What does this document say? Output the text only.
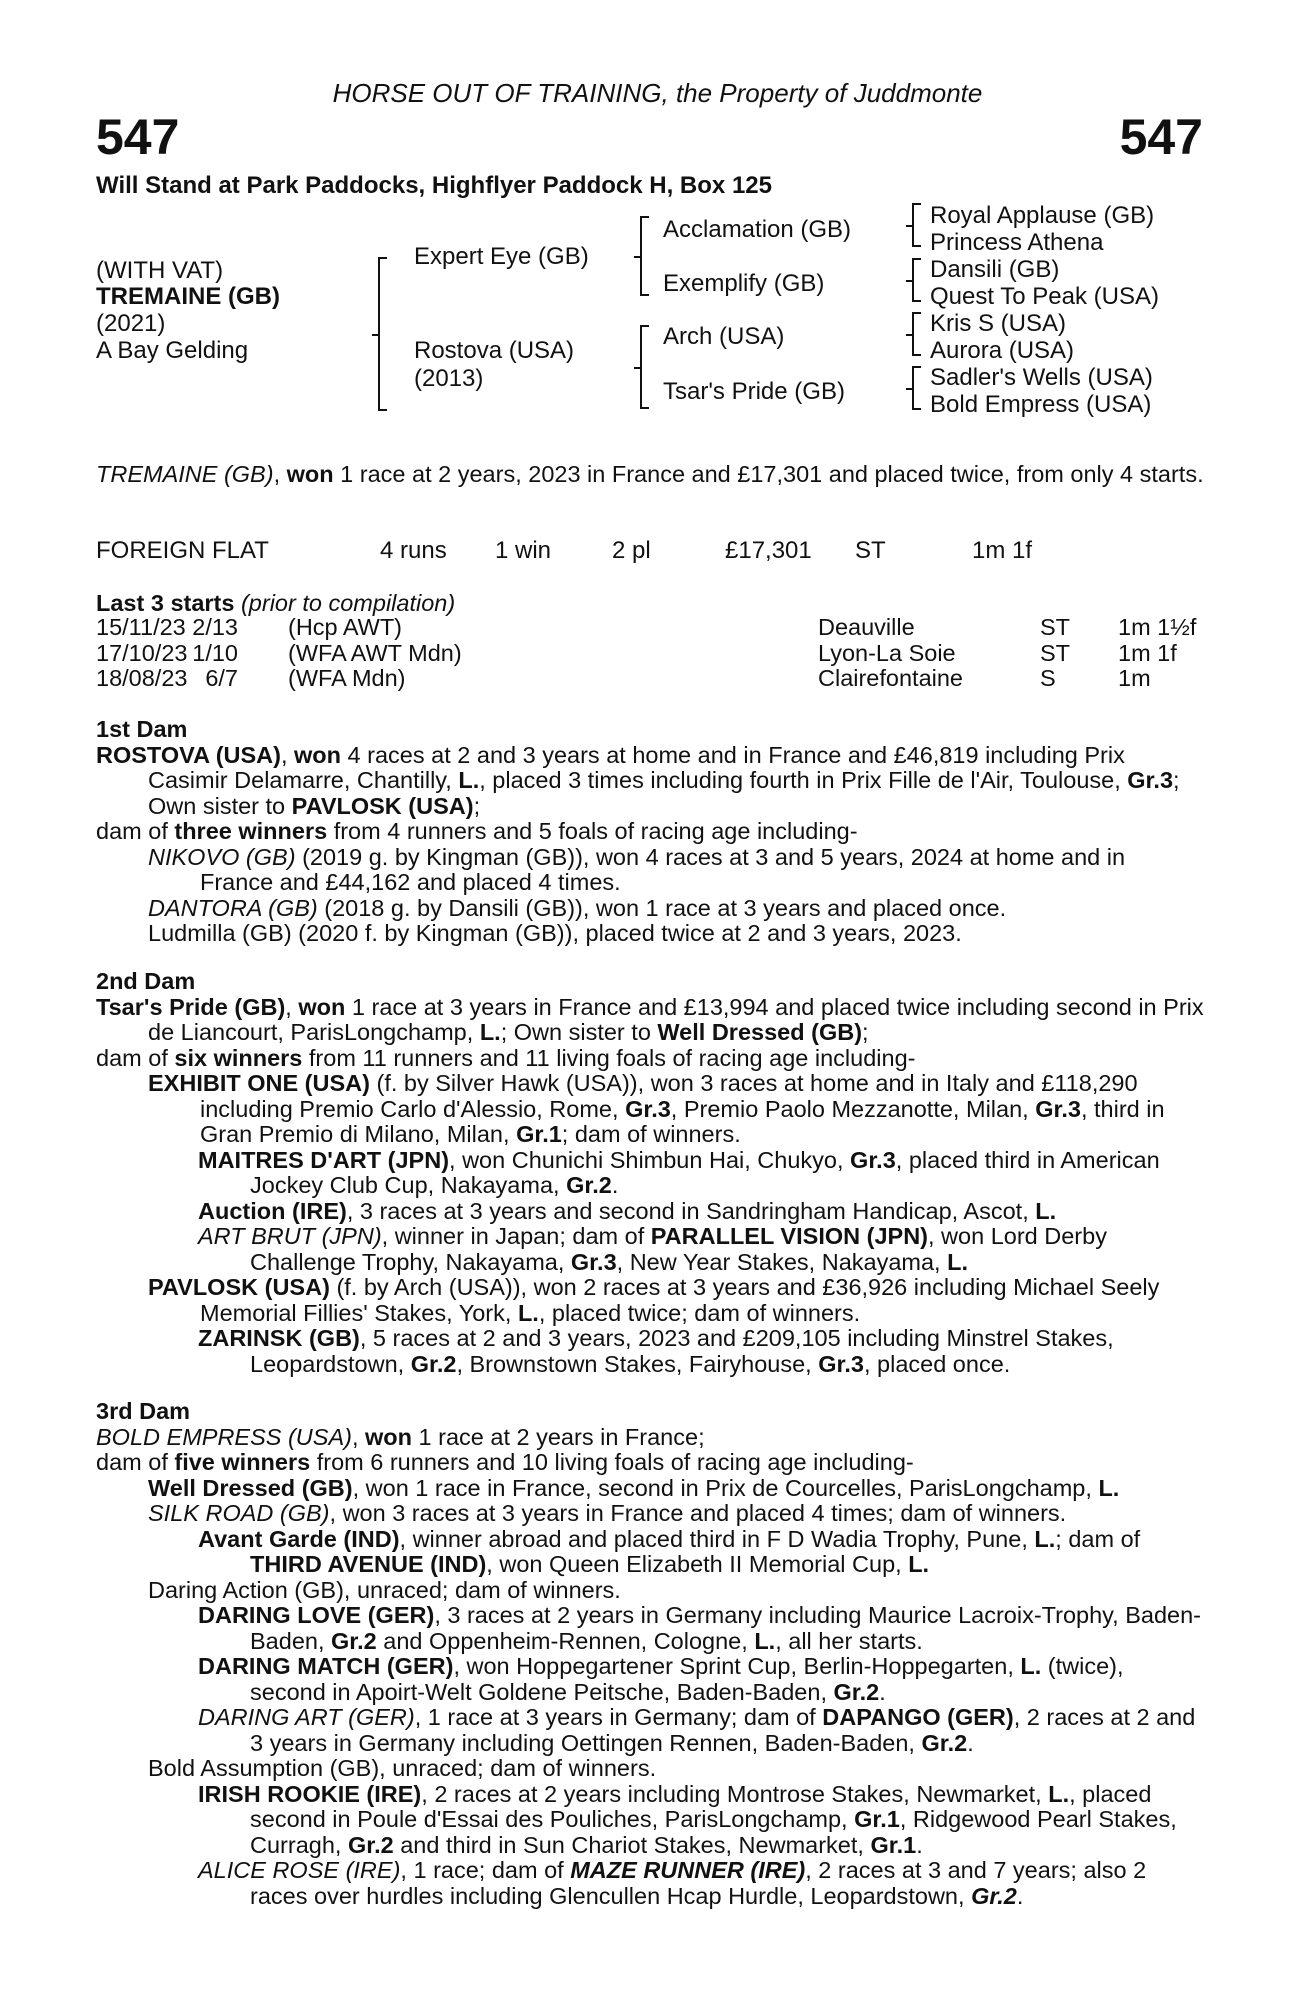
HORSE OUT OF TRAINING, the Property of Juddmonte
547	547
Will Stand at Park Paddocks, Highflyer Paddock H, Box 125
(WITH VAT)
TREMAINE (GB)
(2021)
A Bay Gelding
Expert Eye (GB)
Rostova (USA)
(2013)
Acclamation (GB)
Exemplify (GB)
Arch (USA)
Tsar's Pride (GB)
Royal Applause (GB)
Princess Athena
Dansili (GB)
Quest To Peak (USA)
Kris S (USA)
Aurora (USA)
Sadler's Wells (USA)
Bold Empress (USA)

TREMAINE (GB), won 1 race at 2 years, 2023 in France and £17,301 and placed twice, from only 4 starts.

FOREIGN FLAT	4 runs 1 win	2 pl	£17,301 ST	1m 1f
Last 3 starts (prior to compilation)
15/11/23 2/13 (Hcp AWT)	Deauville	ST 1m 1½f
17/10/23 1/10 (WFA AWT Mdn)	Lyon-La Soie	ST 1m 1f
18/08/23 6/7 (WFA Mdn)	Clairefontaine	S	1m

1st Dam

ROSTOVA (USA), won 4 races at 2 and 3 years at home and in France and £46,819 including Prix Casimir Delamarre, Chantilly, L., placed 3 times including fourth in Prix Fille de l'Air, Toulouse, Gr.3; Own sister to PAVLOSK (USA);

dam of three winners from 4 runners and 5 foals of racing age including-

NIKOVO (GB) (2019 g. by Kingman (GB)), won 4 races at 3 and 5 years, 2024 at home and in France and £44,162 and placed 4 times.

DANTORA (GB) (2018 g. by Dansili (GB)), won 1 race at 3 years and placed once.

Ludmilla (GB) (2020 f. by Kingman (GB)), placed twice at 2 and 3 years, 2023.

2nd Dam

Tsar's Pride (GB), won 1 race at 3 years in France and £13,994 and placed twice including second in Prix de Liancourt, ParisLongchamp, L.; Own sister to Well Dressed (GB);

dam of six winners from 11 runners and 11 living foals of racing age including-

EXHIBIT ONE (USA) (f. by Silver Hawk (USA)), won 3 races at home and in Italy and £118,290 including Premio Carlo d'Alessio, Rome, Gr.3, Premio Paolo Mezzanotte, Milan, Gr.3, third in Gran Premio di Milano, Milan, Gr.1; dam of winners.

MAITRES D'ART (JPN), won Chunichi Shimbun Hai, Chukyo, Gr.3, placed third in American Jockey Club Cup, Nakayama, Gr.2.

Auction (IRE), 3 races at 3 years and second in Sandringham Handicap, Ascot, L.

ART BRUT (JPN), winner in Japan; dam of PARALLEL VISION (JPN), won Lord Derby Challenge Trophy, Nakayama, Gr.3, New Year Stakes, Nakayama, L.

PAVLOSK (USA) (f. by Arch (USA)), won 2 races at 3 years and £36,926 including Michael Seely Memorial Fillies' Stakes, York, L., placed twice; dam of winners.

ZARINSK (GB), 5 races at 2 and 3 years, 2023 and £209,105 including Minstrel Stakes, Leopardstown, Gr.2, Brownstown Stakes, Fairyhouse, Gr.3, placed once.

3rd Dam

BOLD EMPRESS (USA), won 1 race at 2 years in France;

dam of five winners from 6 runners and 10 living foals of racing age including-

Well Dressed (GB), won 1 race in France, second in Prix de Courcelles, ParisLongchamp, L.

SILK ROAD (GB), won 3 races at 3 years in France and placed 4 times; dam of winners.

Avant Garde (IND), winner abroad and placed third in F D Wadia Trophy, Pune, L.; dam of THIRD AVENUE (IND), won Queen Elizabeth II Memorial Cup, L.

Daring Action (GB), unraced; dam of winners.

DARING LOVE (GER), 3 races at 2 years in Germany including Maurice Lacroix-Trophy, Baden-Baden, Gr.2 and Oppenheim-Rennen, Cologne, L., all her starts.

DARING MATCH (GER), won Hoppegartener Sprint Cup, Berlin-Hoppegarten, L. (twice), second in Apoirt-Welt Goldene Peitsche, Baden-Baden, Gr.2.

DARING ART (GER), 1 race at 3 years in Germany; dam of DAPANGO (GER), 2 races at 2 and 3 years in Germany including Oettingen Rennen, Baden-Baden, Gr.2.

Bold Assumption (GB), unraced; dam of winners.

IRISH ROOKIE (IRE), 2 races at 2 years including Montrose Stakes, Newmarket, L., placed second in Poule d'Essai des Pouliches, ParisLongchamp, Gr.1, Ridgewood Pearl Stakes, Curragh, Gr.2 and third in Sun Chariot Stakes, Newmarket, Gr.1.

ALICE ROSE (IRE), 1 race; dam of MAZE RUNNER (IRE), 2 races at 3 and 7 years; also 2 races over hurdles including Glencullen Hcap Hurdle, Leopardstown, Gr.2.
